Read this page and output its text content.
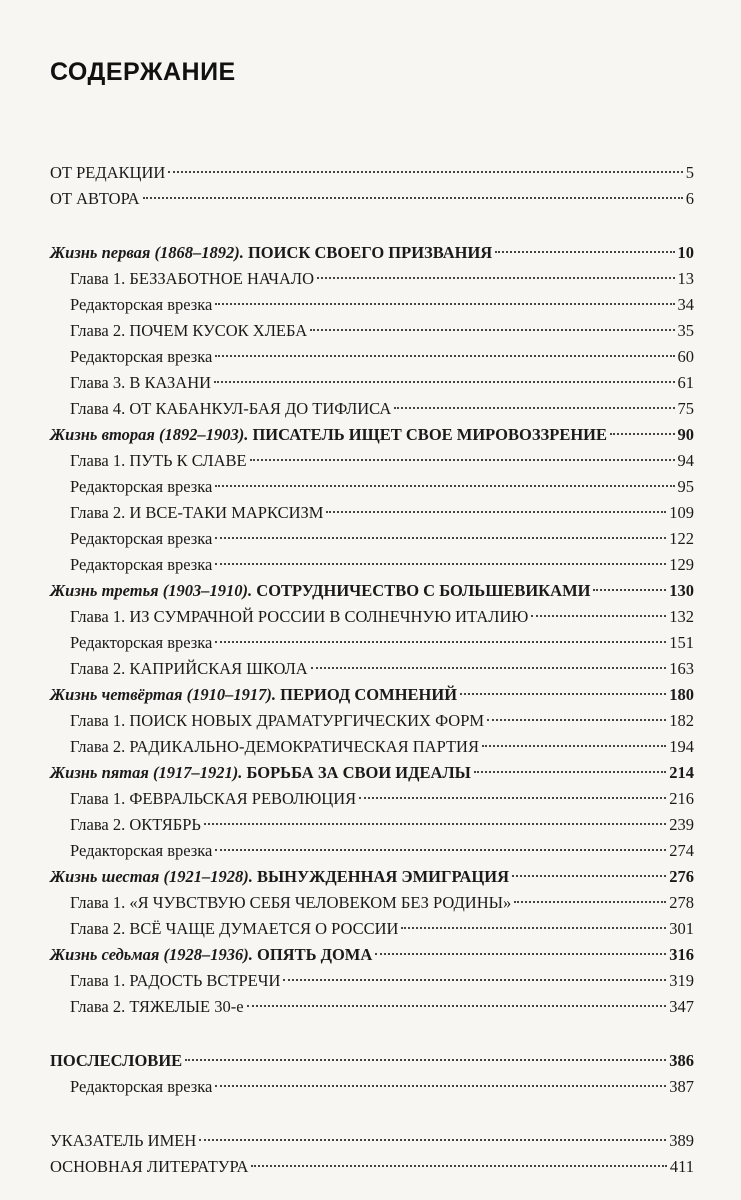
СОДЕРЖАНИЕ
ОТ РЕДАКЦИИ	5
ОТ АВТОРА	6
Жизнь первая (1868–1892). ПОИСК СВОЕГО ПРИЗВАНИЯ	10
Глава 1. БЕЗЗАБОТНОЕ НАЧАЛО	13
Редакторская врезка	34
Глава 2. ПОЧЕМ КУСОК ХЛЕБА	35
Редакторская врезка	60
Глава 3. В КАЗАНИ	61
Глава 4. ОТ КАБАНКУЛ-БАЯ ДО ТИФЛИСА	75
Жизнь вторая (1892–1903). ПИСАТЕЛЬ ИЩЕТ СВОЕ МИРОВОЗЗРЕНИЕ	90
Глава 1. ПУТЬ К СЛАВЕ	94
Редакторская врезка	95
Глава 2. И ВСЕ-ТАКИ МАРКСИЗМ	109
Редакторская врезка	122
Редакторская врезка	129
Жизнь третья (1903–1910). СОТРУДНИЧЕСТВО С БОЛЬШЕВИКАМИ	130
Глава 1. ИЗ СУМРАЧНОЙ РОССИИ В СОЛНЕЧНУЮ ИТАЛИЮ	132
Редакторская врезка	151
Глава 2. КАПРИЙСКАЯ ШКОЛА	163
Жизнь четвёртая (1910–1917). ПЕРИОД СОМНЕНИЙ	180
Глава 1. ПОИСК НОВЫХ ДРАМАТУРГИЧЕСКИХ ФОРМ	182
Глава 2. РАДИКАЛЬНО-ДЕМОКРАТИЧЕСКАЯ ПАРТИЯ	194
Жизнь пятая (1917–1921). БОРЬБА ЗА СВОИ ИДЕАЛЫ	214
Глава 1. ФЕВРАЛЬСКАЯ РЕВОЛЮЦИЯ	216
Глава 2. ОКТЯБРЬ	239
Редакторская врезка	274
Жизнь шестая (1921–1928). ВЫНУЖДЕННАЯ ЭМИГРАЦИЯ	276
Глава 1. «Я ЧУВСТВУЮ СЕБЯ ЧЕЛОВЕКОМ БЕЗ РОДИНЫ»	278
Глава 2. ВСЁ ЧАЩЕ ДУМАЕТСЯ О РОССИИ	301
Жизнь седьмая (1928–1936). ОПЯТЬ ДОМА	316
Глава 1. РАДОСТЬ ВСТРЕЧИ	319
Глава 2. ТЯЖЕЛЫЕ 30-е	347
ПОСЛЕСЛОВИЕ	386
Редакторская врезка	387
УКАЗАТЕЛЬ ИМЕН	389
ОСНОВНАЯ ЛИТЕРАТУРА	411
